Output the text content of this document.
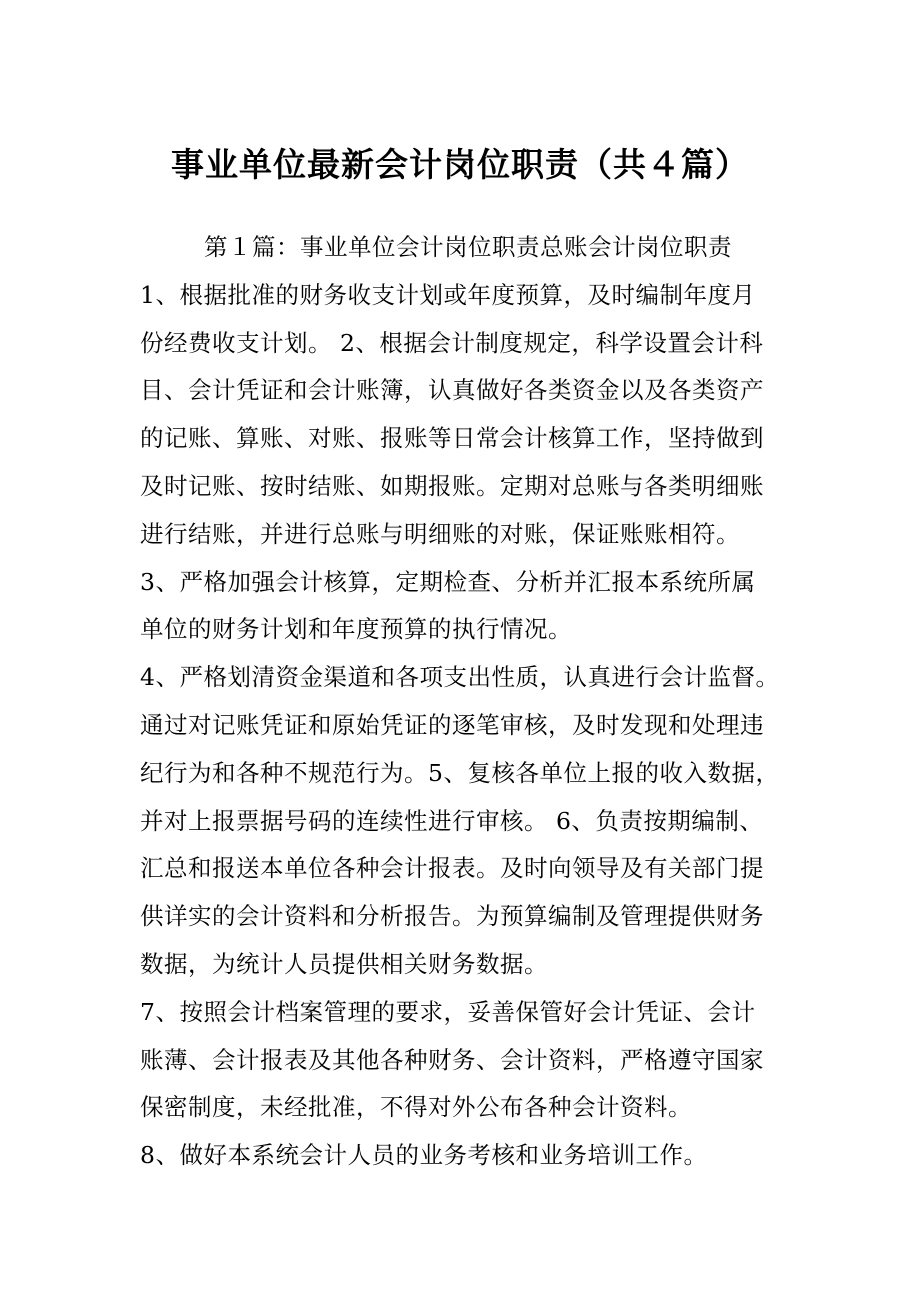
事业单位最新会计岗位职责（共４篇）
第１篇：事业单位会计岗位职责总账会计岗位职责
1、根据批准的财务收支计划或年度预算，及时编制年度月
份经费收支计划。 2、根据会计制度规定，科学设置会计科
目、会计凭证和会计账簿，认真做好各类资金以及各类资产
的记账、算账、对账、报账等日常会计核算工作，坚持做到
及时记账、按时结账、如期报账。定期对总账与各类明细账
进行结账，并进行总账与明细账的对账，保证账账相符。
3、严格加强会计核算，定期检查、分析并汇报本系统所属
单位的财务计划和年度预算的执行情况。
4、严格划清资金渠道和各项支出性质，认真进行会计监督。
通过对记账凭证和原始凭证的逐笔审核，及时发现和处理违
纪行为和各种不规范行为。5、复核各单位上报的收入数据，
并对上报票据号码的连续性进行审核。 6、负责按期编制、
汇总和报送本单位各种会计报表。及时向领导及有关部门提
供详实的会计资料和分析报告。为预算编制及管理提供财务
数据，为统计人员提供相关财务数据。
7、按照会计档案管理的要求，妥善保管好会计凭证、会计
账薄、会计报表及其他各种财务、会计资料，严格遵守国家
保密制度，未经批准，不得对外公布各种会计资料。
8、做好本系统会计人员的业务考核和业务培训工作。
